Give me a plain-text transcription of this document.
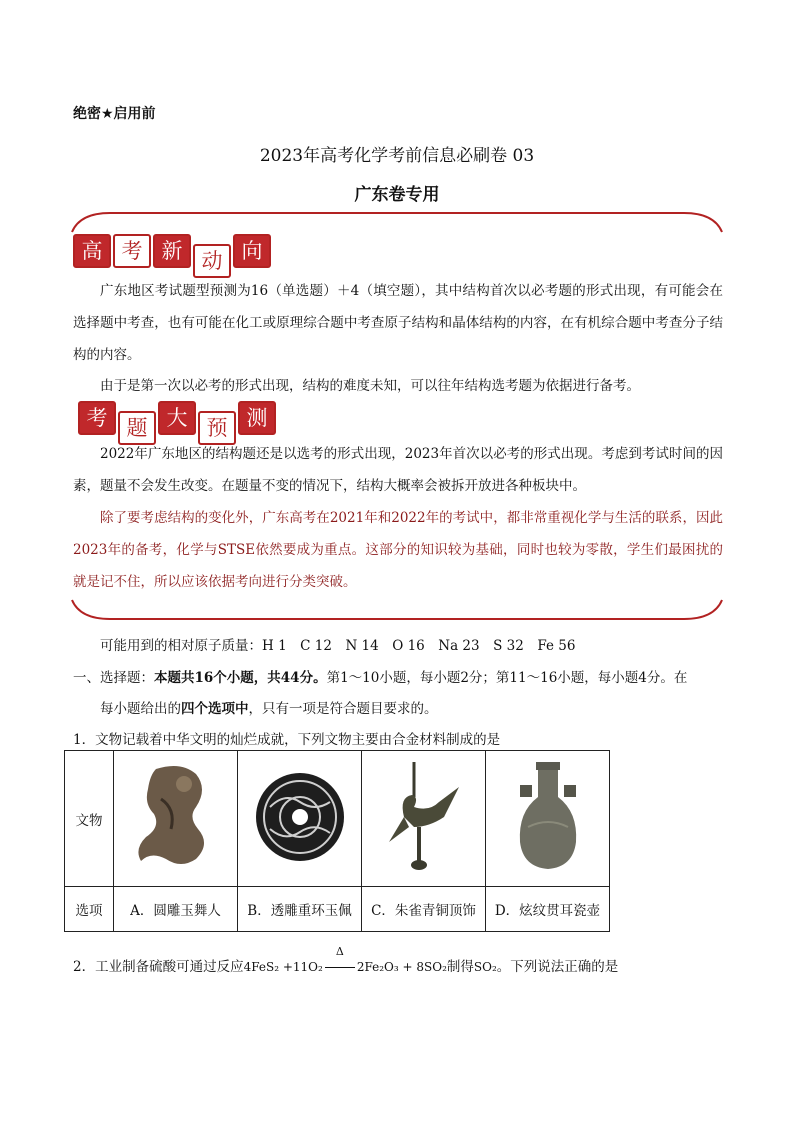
绝密★启用前
2023年高考化学考前信息必刷卷 03
广东卷专用
高 考 新 动 向
广东地区考试题型预测为16（单选题）＋4（填空题），其中结构首次以必考题的形式出现，有可能会在选择题中考查，也有可能在化工或原理综合题中考查原子结构和晶体结构的内容，在有机综合题中考查分子结构的内容。
由于是第一次以必考的形式出现，结构的难度未知，可以往年结构选考题为依据进行备考。
考 题 大 预 测
2022年广东地区的结构题还是以选考的形式出现，2023年首次以必考的形式出现。考虑到考试时间的因素，题量不会发生改变。在题量不变的情况下，结构大概率会被拆开放进各种板块中。
除了要考虑结构的变化外，广东高考在2021年和2022年的考试中，都非常重视化学与生活的联系，因此2023年的备考，化学与STSE依然要成为重点。这部分的知识较为基础，同时也较为零散，学生们最困扰的就是记不住，所以应该依据考向进行分类突破。
可能用到的相对原子质量：H 1　C 12　N 14　O 16　Na 23　S 32　Fe 56
一、选择题：本题共16个小题，共44分。第1～10小题，每小题2分；第11～16小题，每小题4分。在
每小题给出的四个选项中，只有一项是符合题目要求的。
1．文物记载着中华文明的灿烂成就，下列文物主要由合金材料制成的是
文物				
选项	A．圆雕玉舞人	B．透雕重环玉佩	C．朱雀青铜顶饰	D．炫纹贯耳瓷壶
2．工业制备硫酸可通过反应4FeS₂ +11O₂
Δ
2Fe₂O₃ + 8SO₂制得SO₂。下列说法正确的是
